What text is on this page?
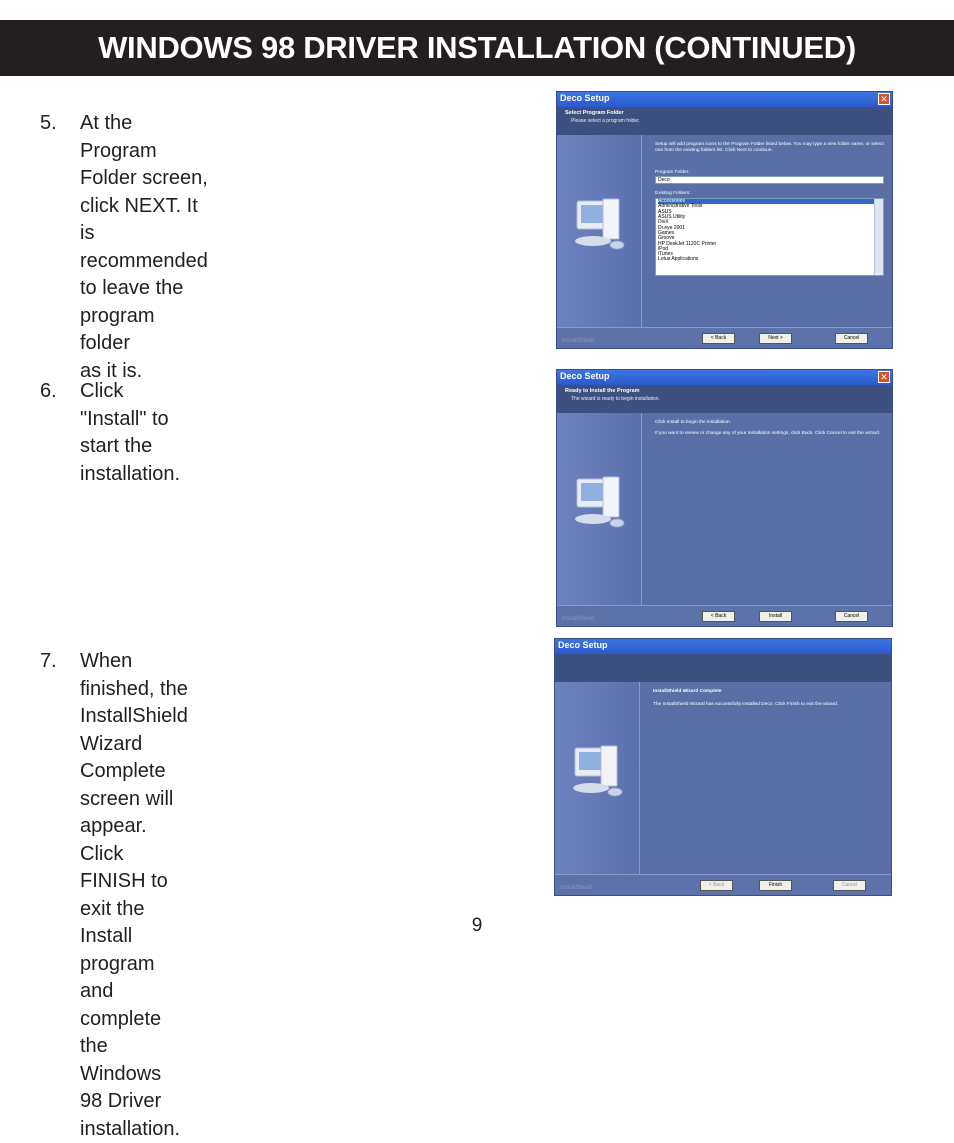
WINDOWS 98 DRIVER INSTALLATION (CONTINUED)
5.	At the Program Folder screen, click NEXT. It
is recommended to leave the program folder
as it is.
6.	Click "Install" to start the installation.
7.	When finished, the InstallShield Wizard
Complete screen will appear. Click FINISH to
exit the Install program and complete the
Windows 98 Driver installation.
Deco Setup	✕
Select Program Folder
Please select a program folder.
Setup will add program icons to the Program Folder listed below. You may type a new folder name, or select one from the existing folders list. Click Next to continue.
Program Folder:
Deco
Existing Folders:
Accessories
Administrative Tools
ASUS
ASUS Utility
DivX
Dr.eye 2001
Games
Groove
HP DeskJet 1120C Printer
iPod
iTunes
Lotus Applications
InstallShield	< Back	Next >	Cancel
Deco Setup	✕
Ready to Install the Program
The wizard is ready to begin installation.
Click Install to begin the installation.
If you want to review or change any of your installation settings, click Back. Click Cancel to exit the wizard.
InstallShield	< Back	Install	Cancel
Deco Setup
InstallShield Wizard Complete
The InstallShield Wizard has successfully installed Deco. Click Finish to exit the wizard.
InstallShield	< Back	Finish	Cancel
9
